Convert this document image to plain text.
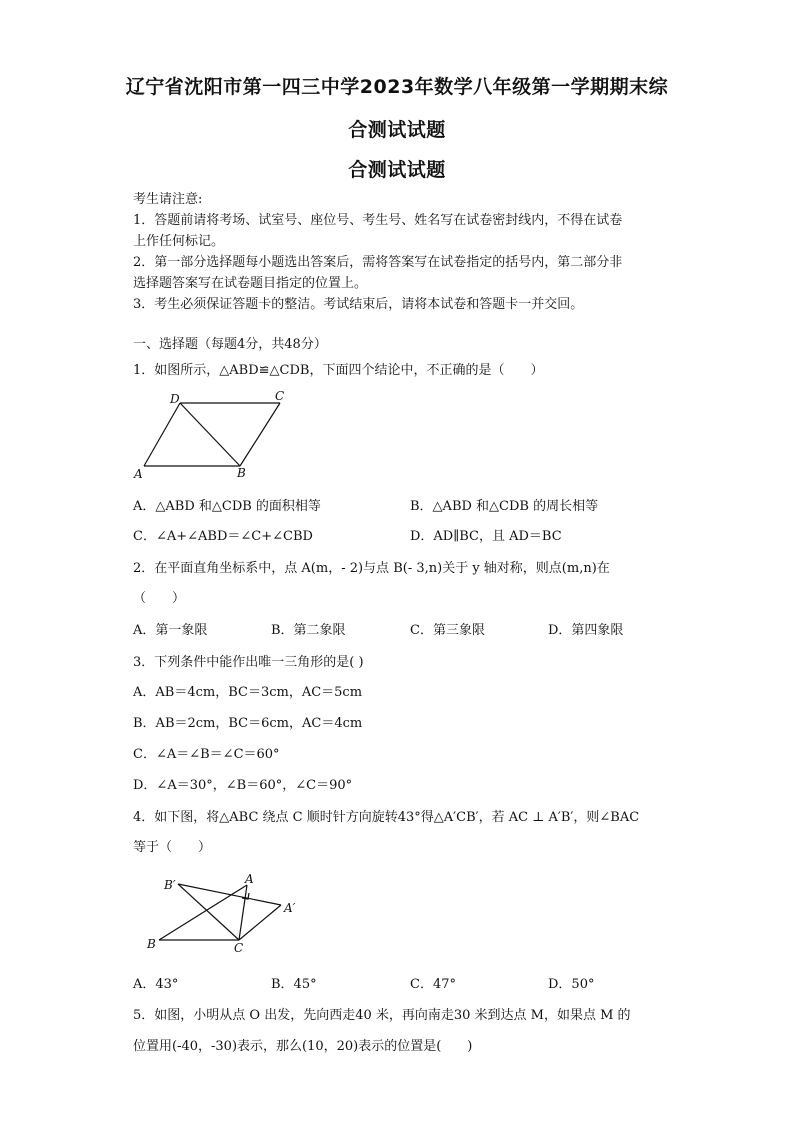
辽宁省沈阳市第一四三中学2023年数学八年级第一学期期末综
合测试试题
合测试试题
考生请注意:
1．答题前请将考场、试室号、座位号、考生号、姓名写在试卷密封线内，不得在试卷
上作任何标记。
2．第一部分选择题每小题选出答案后，需将答案写在试卷指定的括号内，第二部分非
选择题答案写在试卷题目指定的位置上。
3．考生必须保证答题卡的整洁。考试结束后，请将本试卷和答题卡一并交回。
一、选择题（每题4分，共48分）
1．如图所示，△ABD≌△CDB，下面四个结论中，不正确的是（　　）
A	B
C
D
A．△ABD 和△CDB 的面积相等	B．△ABD 和△CDB 的周长相等
C．∠A+∠ABD＝∠C+∠CBD	D．AD∥BC，且 AD＝BC
2．在平面直角坐标系中，点 A(m，- 2)与点 B(- 3,n)关于 y 轴对称，则点(m,n)在
（　　）
A．第一象限	B．第二象限	C．第三象限	D．第四象限
3．下列条件中能作出唯一三角形的是( )
A．AB＝4cm，BC＝3cm，AC＝5cm
B．AB＝2cm，BC＝6cm，AC＝4cm
C．∠A＝∠B＝∠C＝60°
D．∠A＝30°，∠B＝60°，∠C＝90°
4．如下图，将△ABC 绕点 C 顺时针方向旋转43°得△A′CB′，若 AC ⊥ A′B′，则∠BAC
等于（　　）
B′	A
A′
B	C
A．43°	B．45°	C．47°	D．50°
5．如图，小明从点 O 出发，先向西走40 米，再向南走30 米到达点 M，如果点 M 的
位置用(-40，-30)表示，那么(10，20)表示的位置是(　　)
